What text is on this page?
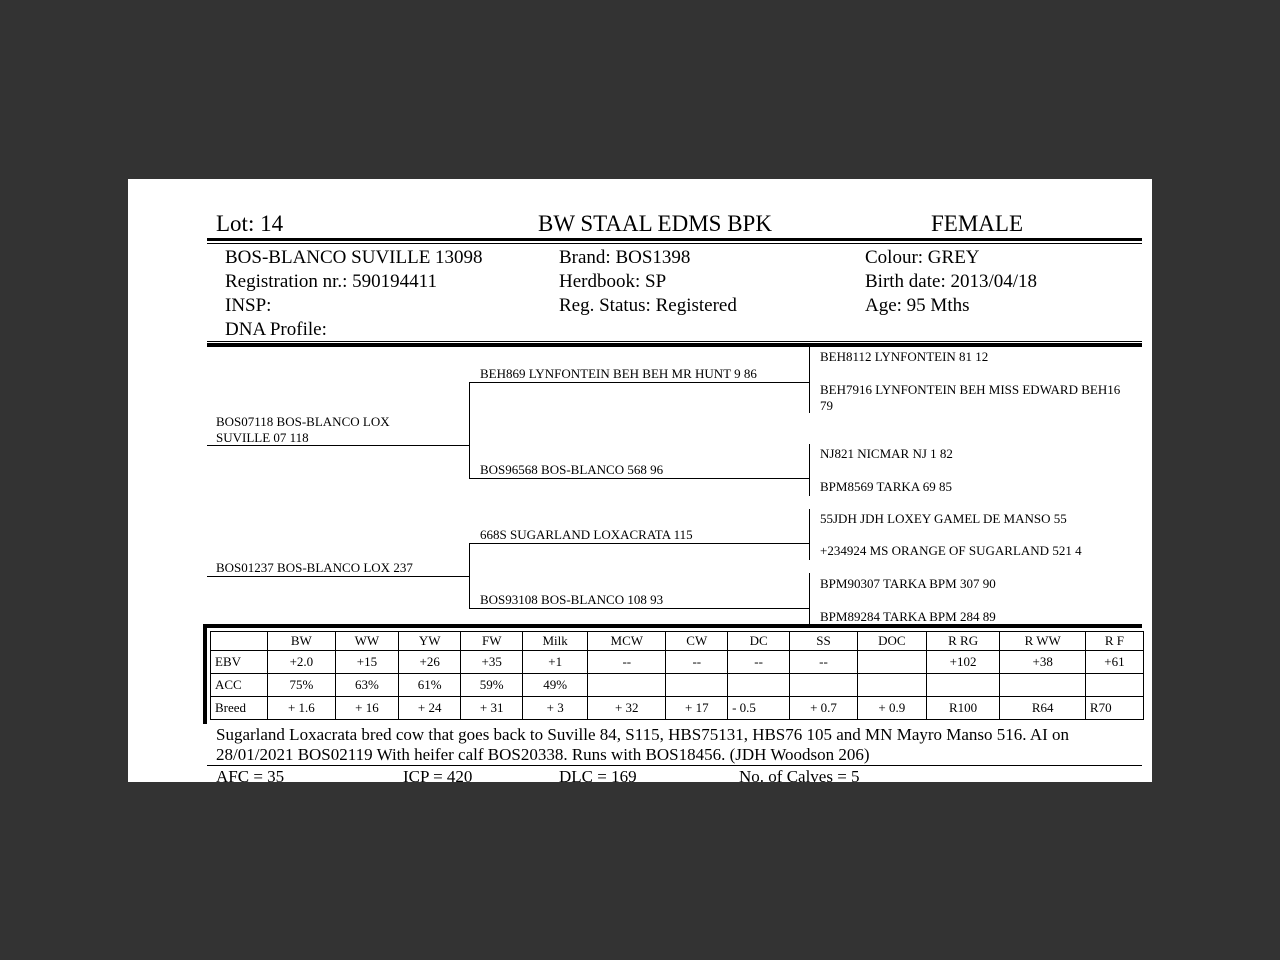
Lot: 14	BW STAAL EDMS BPK	FEMALE
BOS-BLANCO SUVILLE 13098
Registration nr.: 590194411
INSP:
DNA Profile:
Brand: BOS1398
Herdbook: SP
Reg. Status: Registered
Colour: GREY
Birth date: 2013/04/18
Age: 95 Mths
BOS07118 BOS-BLANCO LOX SUVILLE 07 118
BOS01237 BOS-BLANCO LOX 237
BEH869 LYNFONTEIN BEH BEH MR HUNT 9 86
BOS96568 BOS-BLANCO 568 96
668S SUGARLAND LOXACRATA 115
BOS93108 BOS-BLANCO 108 93
BEH8112 LYNFONTEIN 81 12
BEH7916 LYNFONTEIN BEH MISS EDWARD BEH16 79
NJ821 NICMAR NJ 1 82
BPM8569 TARKA 69 85
55JDH JDH LOXEY GAMEL DE MANSO 55
+234924 MS ORANGE OF SUGARLAND 521 4
BPM90307 TARKA BPM 307 90
BPM89284 TARKA BPM 284 89
	BW	WW	YW	FW	Milk	MCW	CW	DC	SS	DOC	R RG	R WW	R F
EBV	+2.0	+15	+26	+35	+1	--	--	--	--		+102	+38	+61
ACC	75%	63%	61%	59%	49%								
Breed	+ 1.6	+ 16	+ 24	+ 31	+ 3	+ 32	+ 17	- 0.5	+ 0.7	+ 0.9	R100	R64	R70
Sugarland Loxacrata bred cow that goes back to Suville 84, S115, HBS75131, HBS76 105 and MN Mayro Manso 516. AI on 28/01/2021 BOS02119 With heifer calf BOS20338. Runs with BOS18456. (JDH Woodson 206)
AFC = 35	ICP = 420	DLC = 169	No. of Calves = 5
